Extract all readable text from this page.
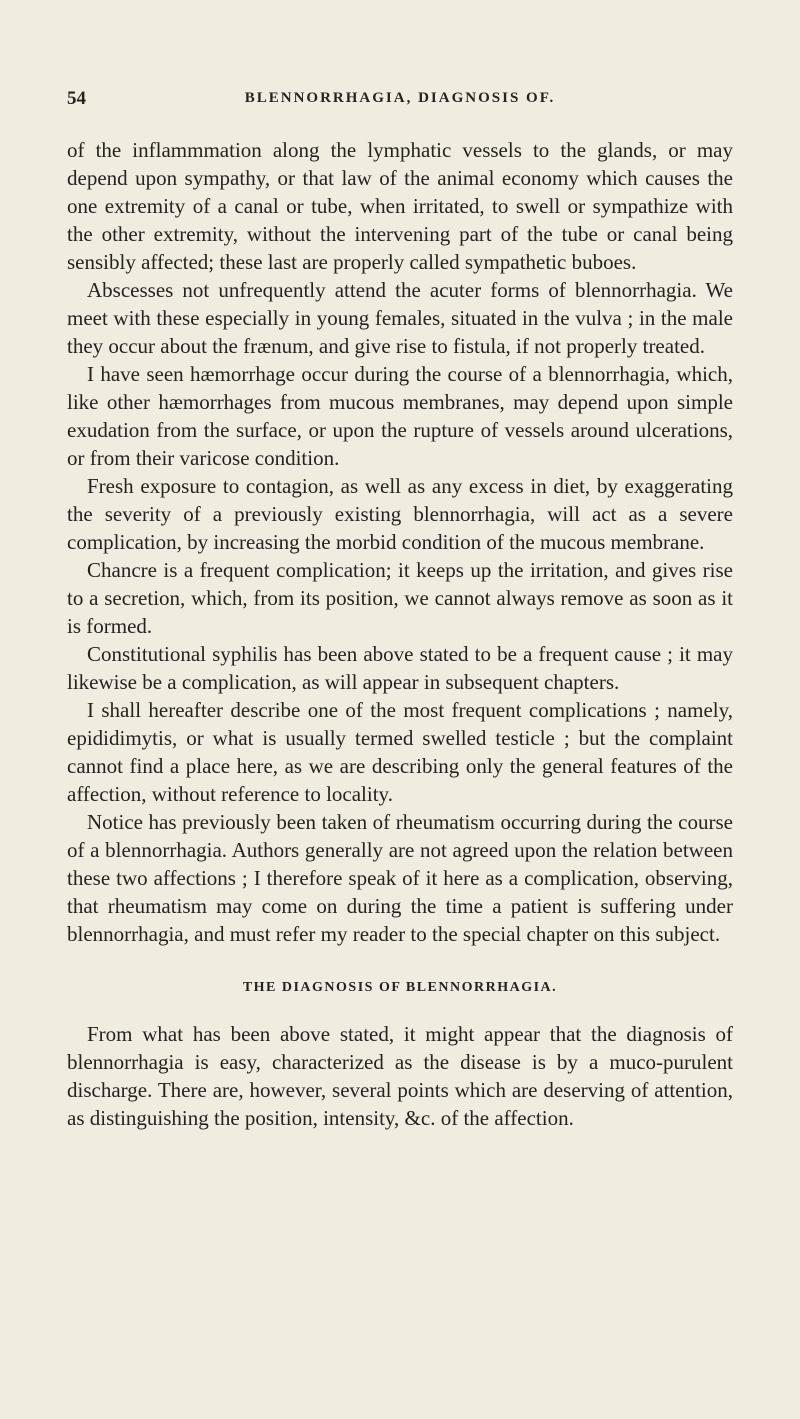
54	BLENNORRHAGIA, DIAGNOSIS OF.

of the inflammmation along the lymphatic vessels to the glands, or may depend upon sympathy, or that law of the animal economy which causes the one extremity of a canal or tube, when irritated, to swell or sympathize with the other extremity, without the intervening part of the tube or canal being sensibly affected; these last are properly called sympathetic buboes.

Abscesses not unfrequently attend the acuter forms of blennorrhagia. We meet with these especially in young females, situated in the vulva ; in the male they occur about the frænum, and give rise to fistula, if not properly treated.

I have seen hæmorrhage occur during the course of a blennorrhagia, which, like other hæmorrhages from mucous membranes, may depend upon simple exudation from the surface, or upon the rupture of vessels around ulcerations, or from their varicose condition.

Fresh exposure to contagion, as well as any excess in diet, by exaggerating the severity of a previously existing blennorrhagia, will act as a severe complication, by increasing the morbid condition of the mucous membrane.

Chancre is a frequent complication; it keeps up the irritation, and gives rise to a secretion, which, from its position, we cannot always remove as soon as it is formed.

Constitutional syphilis has been above stated to be a frequent cause ; it may likewise be a complication, as will appear in subsequent chapters.

I shall hereafter describe one of the most frequent complications ; namely, epididimytis, or what is usually termed swelled testicle ; but the complaint cannot find a place here, as we are describing only the general features of the affection, without reference to locality.

Notice has previously been taken of rheumatism occurring during the course of a blennorrhagia. Authors generally are not agreed upon the relation between these two affections ; I therefore speak of it here as a complication, observing, that rheumatism may come on during the time a patient is suffering under blennorrhagia, and must refer my reader to the special chapter on this subject.

THE DIAGNOSIS OF BLENNORRHAGIA.

From what has been above stated, it might appear that the diagnosis of blennorrhagia is easy, characterized as the disease is by a muco-purulent discharge. There are, however, several points which are deserving of attention, as distinguishing the position, intensity, &c. of the affection.
